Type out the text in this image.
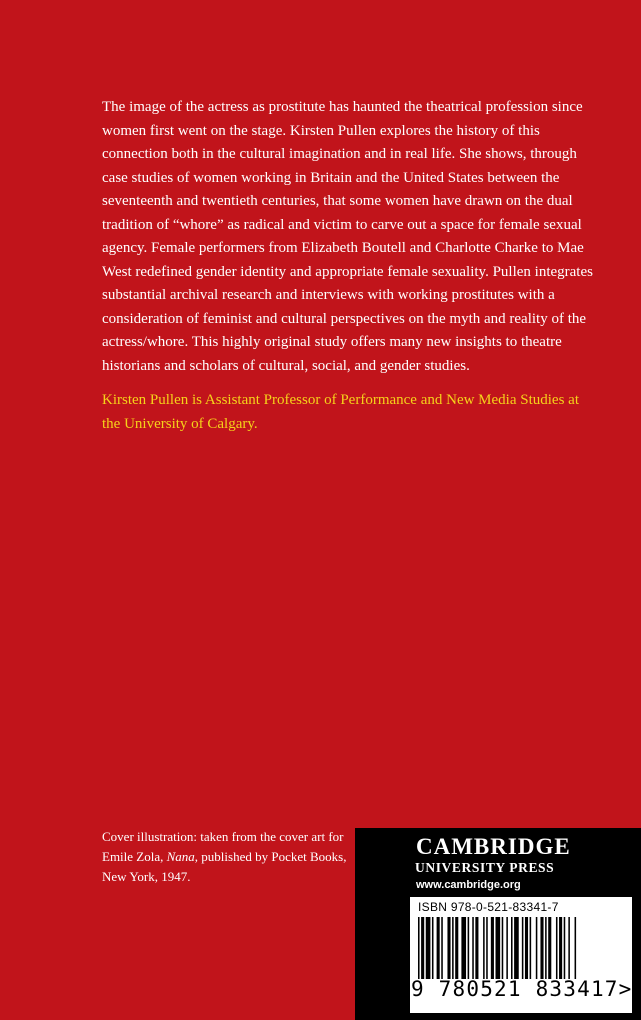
The image of the actress as prostitute has haunted the theatrical profession since women first went on the stage. Kirsten Pullen explores the history of this connection both in the cultural imagination and in real life. She shows, through case studies of women working in Britain and the United States between the seventeenth and twentieth centuries, that some women have drawn on the dual tradition of “whore” as radical and victim to carve out a space for female sexual agency. Female performers from Elizabeth Boutell and Charlotte Charke to Mae West redefined gender identity and appropriate female sexuality. Pullen integrates substantial archival research and interviews with working prostitutes with a consideration of feminist and cultural perspectives on the myth and reality of the actress/whore. This highly original study offers many new insights to theatre historians and scholars of cultural, social, and gender studies.

Kirsten Pullen is Assistant Professor of Performance and New Media Studies at the University of Calgary.

Cover illustration: taken from the cover art for Emile Zola, Nana, published by Pocket Books, New York, 1947.

CAMBRIDGE
UNIVERSITY PRESS
www.cambridge.org
ISBN 978-0-521-83341-7
9 780521 833417>
